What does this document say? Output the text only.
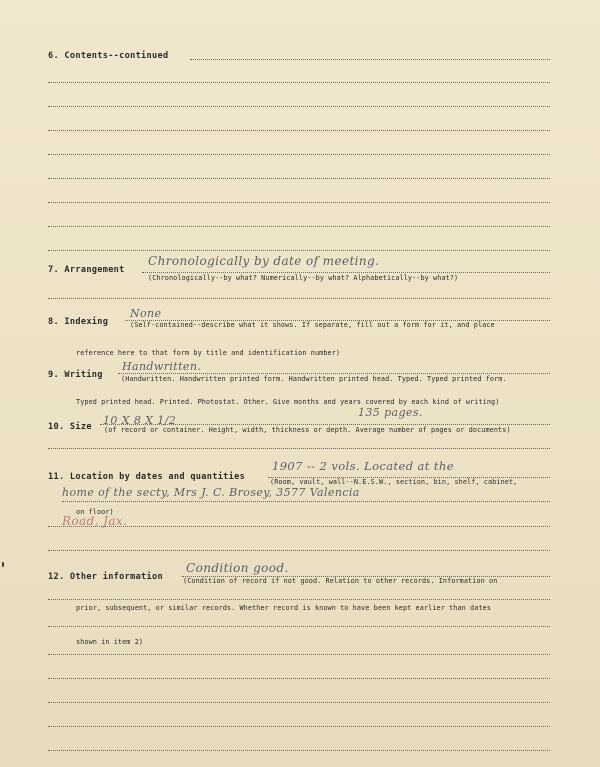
6. Contents--continued
7. Arrangement
Chronologically by date of meeting.
(Chronologically--by what? Numerically--by what? Alphabetically--by what?)
8. Indexing
None
(Self-contained--describe what it shows. If separate, fill out a form for it, and place
reference here to that form by title and identification number)
9. Writing
Handwritten.
(Handwritten. Handwritten printed form. Handwritten printed head. Typed. Typed printed form.
Typed printed head. Printed. Photostat. Other. Give months and years covered by each kind of writing)
10. Size 10 X 8 X 1/2
135 pages.
(of record or container. Height, width, thickness or depth. Average number of pages or documents)
11. Location by dates and quantities
1907 -- 2 vols. Located at the
(Room, vault, wall--N.E.S.W., section, bin, shelf, cabinet,
home of the secty, Mrs J. C. Brosey, 3577 Valencia
on floor)
Road, Jax.
12. Other information
Condition good.
(Condition of record if not good. Relation to other records. Information on
prior, subsequent, or similar records. Whether record is known to have been kept earlier than dates
shown in item 2)
